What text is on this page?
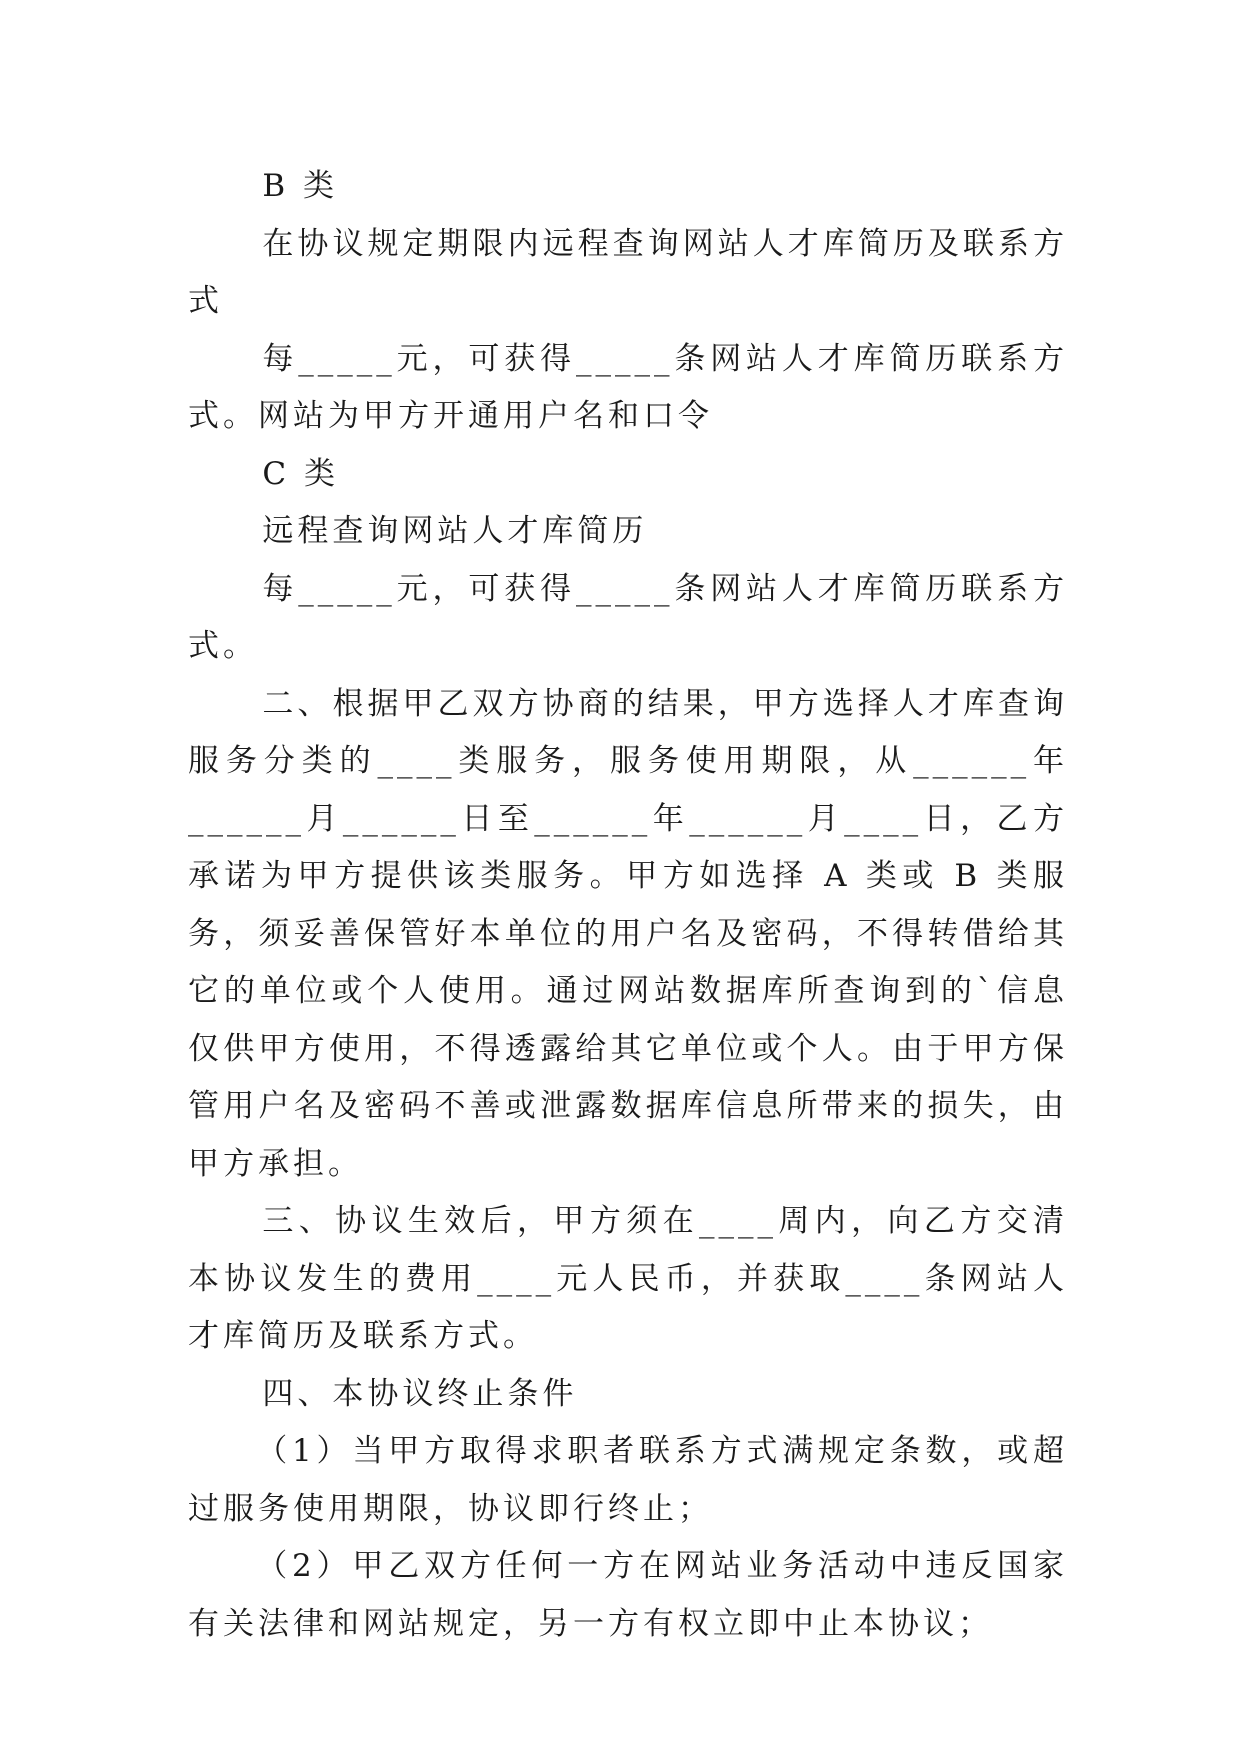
B 类

在协议规定期限内远程查询网站人才库简历及联系方式

每_____元，可获得_____条网站人才库简历联系方式。网站为甲方开通用户名和口令

C 类

远程查询网站人才库简历

每_____元，可获得_____条网站人才库简历联系方式。

二、根据甲乙双方协商的结果，甲方选择人才库查询服务分类的____类服务，服务使用期限，从______年______月______日至______年______月____日，乙方承诺为甲方提供该类服务。甲方如选择 A 类或 B 类服务，须妥善保管好本单位的用户名及密码，不得转借给其它的单位或个人使用。通过网站数据库所查询到的`信息仅供甲方使用，不得透露给其它单位或个人。由于甲方保管用户名及密码不善或泄露数据库信息所带来的损失，由甲方承担。

三、协议生效后，甲方须在____周内，向乙方交清本协议发生的费用____元人民币，并获取____条网站人才库简历及联系方式。

四、本协议终止条件

（1）当甲方取得求职者联系方式满规定条数，或超过服务使用期限，协议即行终止；

（2）甲乙双方任何一方在网站业务活动中违反国家有关法律和网站规定，另一方有权立即中止本协议；
